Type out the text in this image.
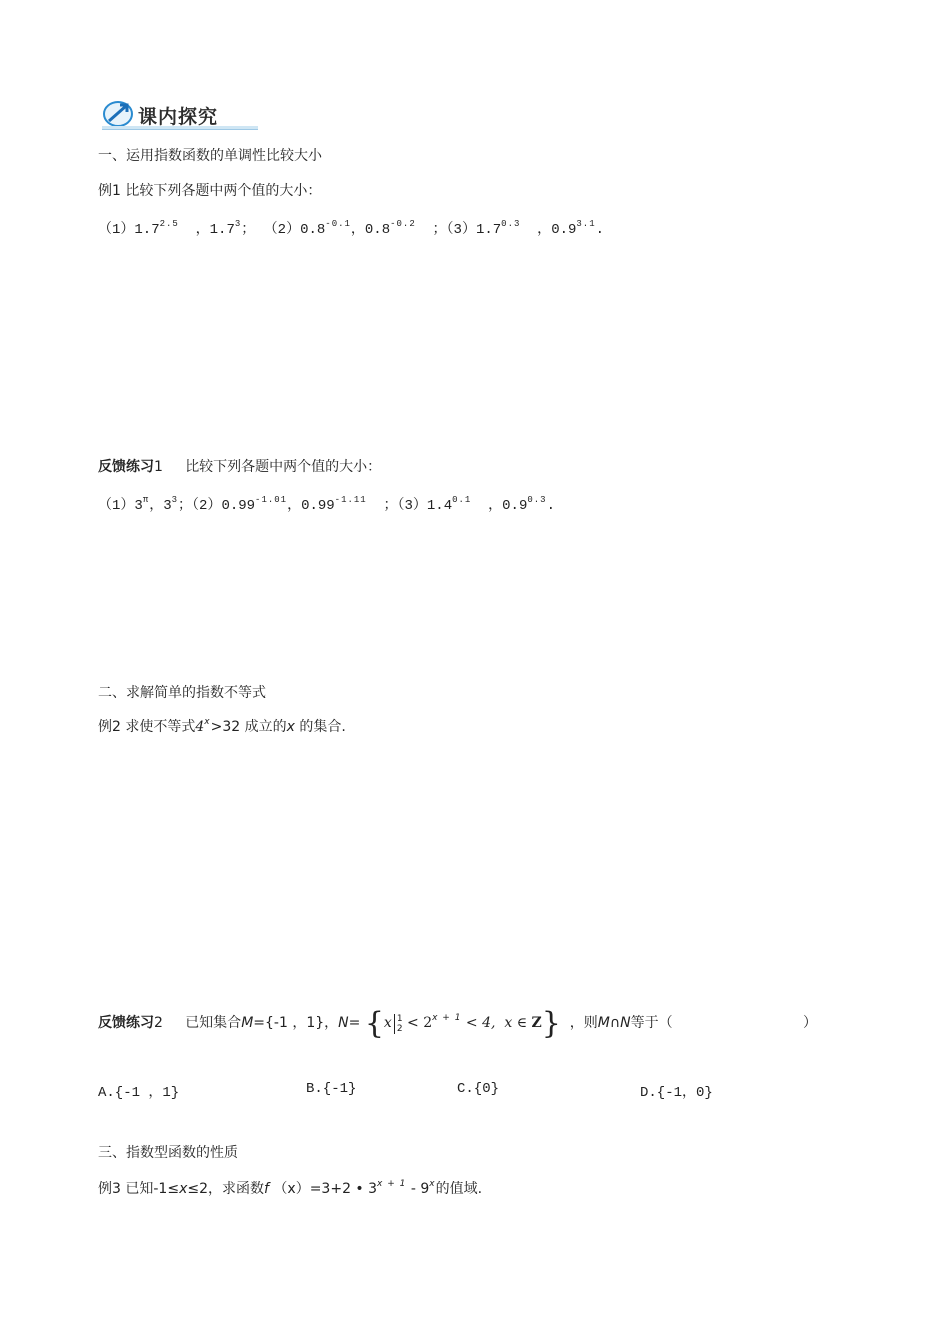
课内探究
一、运用指数函数的单调性比较大小
例1 比较下列各题中两个值的大小：
$(1)1.7^{2.5}$  ，$1.7^3$； $(2)0.8^{-0.1}$，$0.8^{-0.2}$ ；$(3)1.7^{0.3}$  ，$0.9^{3.1}$.
反馈练习1 比较下列各题中两个值的大小：
$(1)3^\pi$，$3^3$；$(2)0.99^{-1.01}$，$0.99^{-1.11}$ ；$(3)1.4^{0.1}$  ，$0.9^{0.3}$.
二、求解简单的指数不等式
例2 求使不等式$4^x>32$ 成立的x 的集合.
反馈练习2 已知集合M={-1 ，1}，N= {x 1
$2 < 2^{x + 1} < 4$, x ∈ Z} ，则M∩N等于（	）
A.{-1 ，1}	B.{-1}	C.{0}	D.{-1，0}
三、指数型函数的性质
例3 已知-1≤x≤2，求函数f （x）=3+2 • $3^{x + 1} - 9^x$的值域.
